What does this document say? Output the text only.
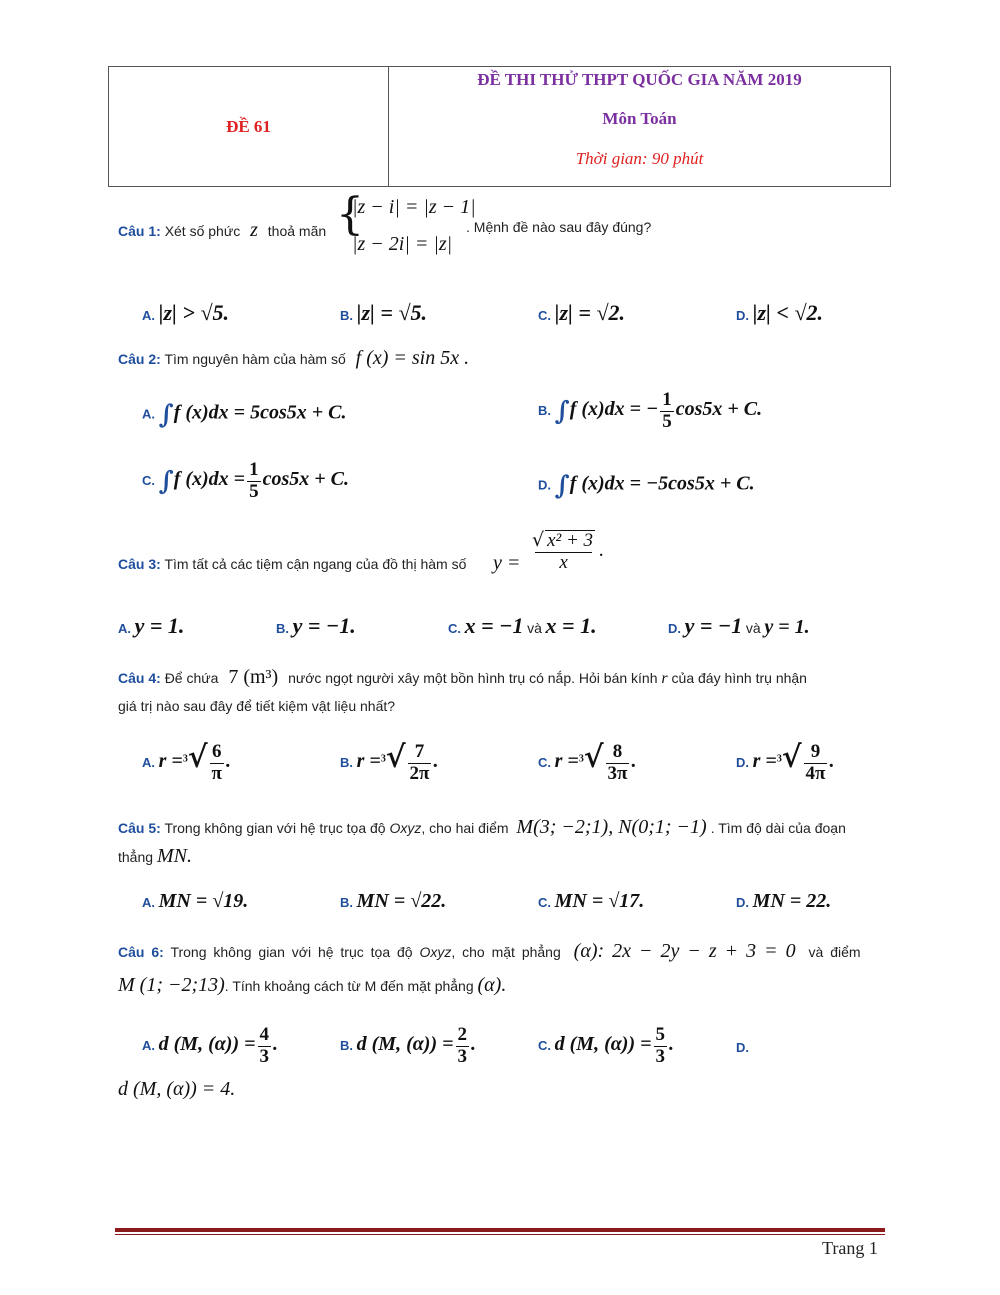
ĐỀ 61
ĐỀ THI THỬ THPT QUỐC GIA NĂM 2019
Môn Toán
Thời gian: 90 phút
Câu 1: Xét số phức z thoả mãn {
|z − i| = |z − 1|
|z − 2i| = |z|
. Mệnh đề nào sau đây đúng?
A. |z| > √5.	B. |z| = √5.	C. |z| = √2.	D. |z| < √2.
Câu 2: Tìm nguyên hàm của hàm số f (x) = sin 5x .
A. ∫f (x)dx = 5cos5x + C.	B. ∫f (x)dx = − $\frac{1}{5} \cos 5x + C$.
C. ∫f $(x)dx = \frac{1}{5} \cos 5x + C$.	D. ∫f (x)dx = −5cos5x + C.
Câu 3: Tìm tất cả các tiệm cận ngang của đồ thị hàm số $y = \frac{\text{√ x² + 3}}{x}$ .
A. y = 1.	B. y = −1.	C. x = −1 và x = 1.	D. y = −1 và y = 1.
Câu 4: Để chứa 7 (m³) nước ngọt người xây một bồn hình trụ có nắp. Hỏi bán kính r của đáy hình trụ nhận
giá trị nào sau đây để tiết kiệm vật liệu nhất?
A. $r =^3√ \frac{6}{\pi}$ .	B. $r =^3√ \frac{7}{2\pi}$ .	C. $r =^3√ \frac{8}{3\pi}$ .	D. $r =^3√ \frac{9}{4\pi}$ .
Câu 5: Trong không gian với hệ trục tọa độ Oxyz, cho hai điểm M(3; −2;1), N(0;1; −1) . Tìm độ dài của đoạn
thẳng MN.
A. MN = √19.	B. MN = √22.	C. MN = √17.	D. MN = 22.
Câu 6: Trong không gian với hệ trục tọa độ Oxyz, cho mặt phẳng (α): 2x − 2y − z + 3 = 0 và điểm
M (1; −2;13). Tính khoảng cách từ M đến mặt phẳng (α).
A. d (M, $(\alpha)) = \frac{4}{3}$ .	B. d (M, $(\alpha)) = \frac{2}{3}$ .	C. d (M, $(\alpha)) = \frac{5}{3}$ .	D.
d (M, (α)) = 4.
Trang 1
